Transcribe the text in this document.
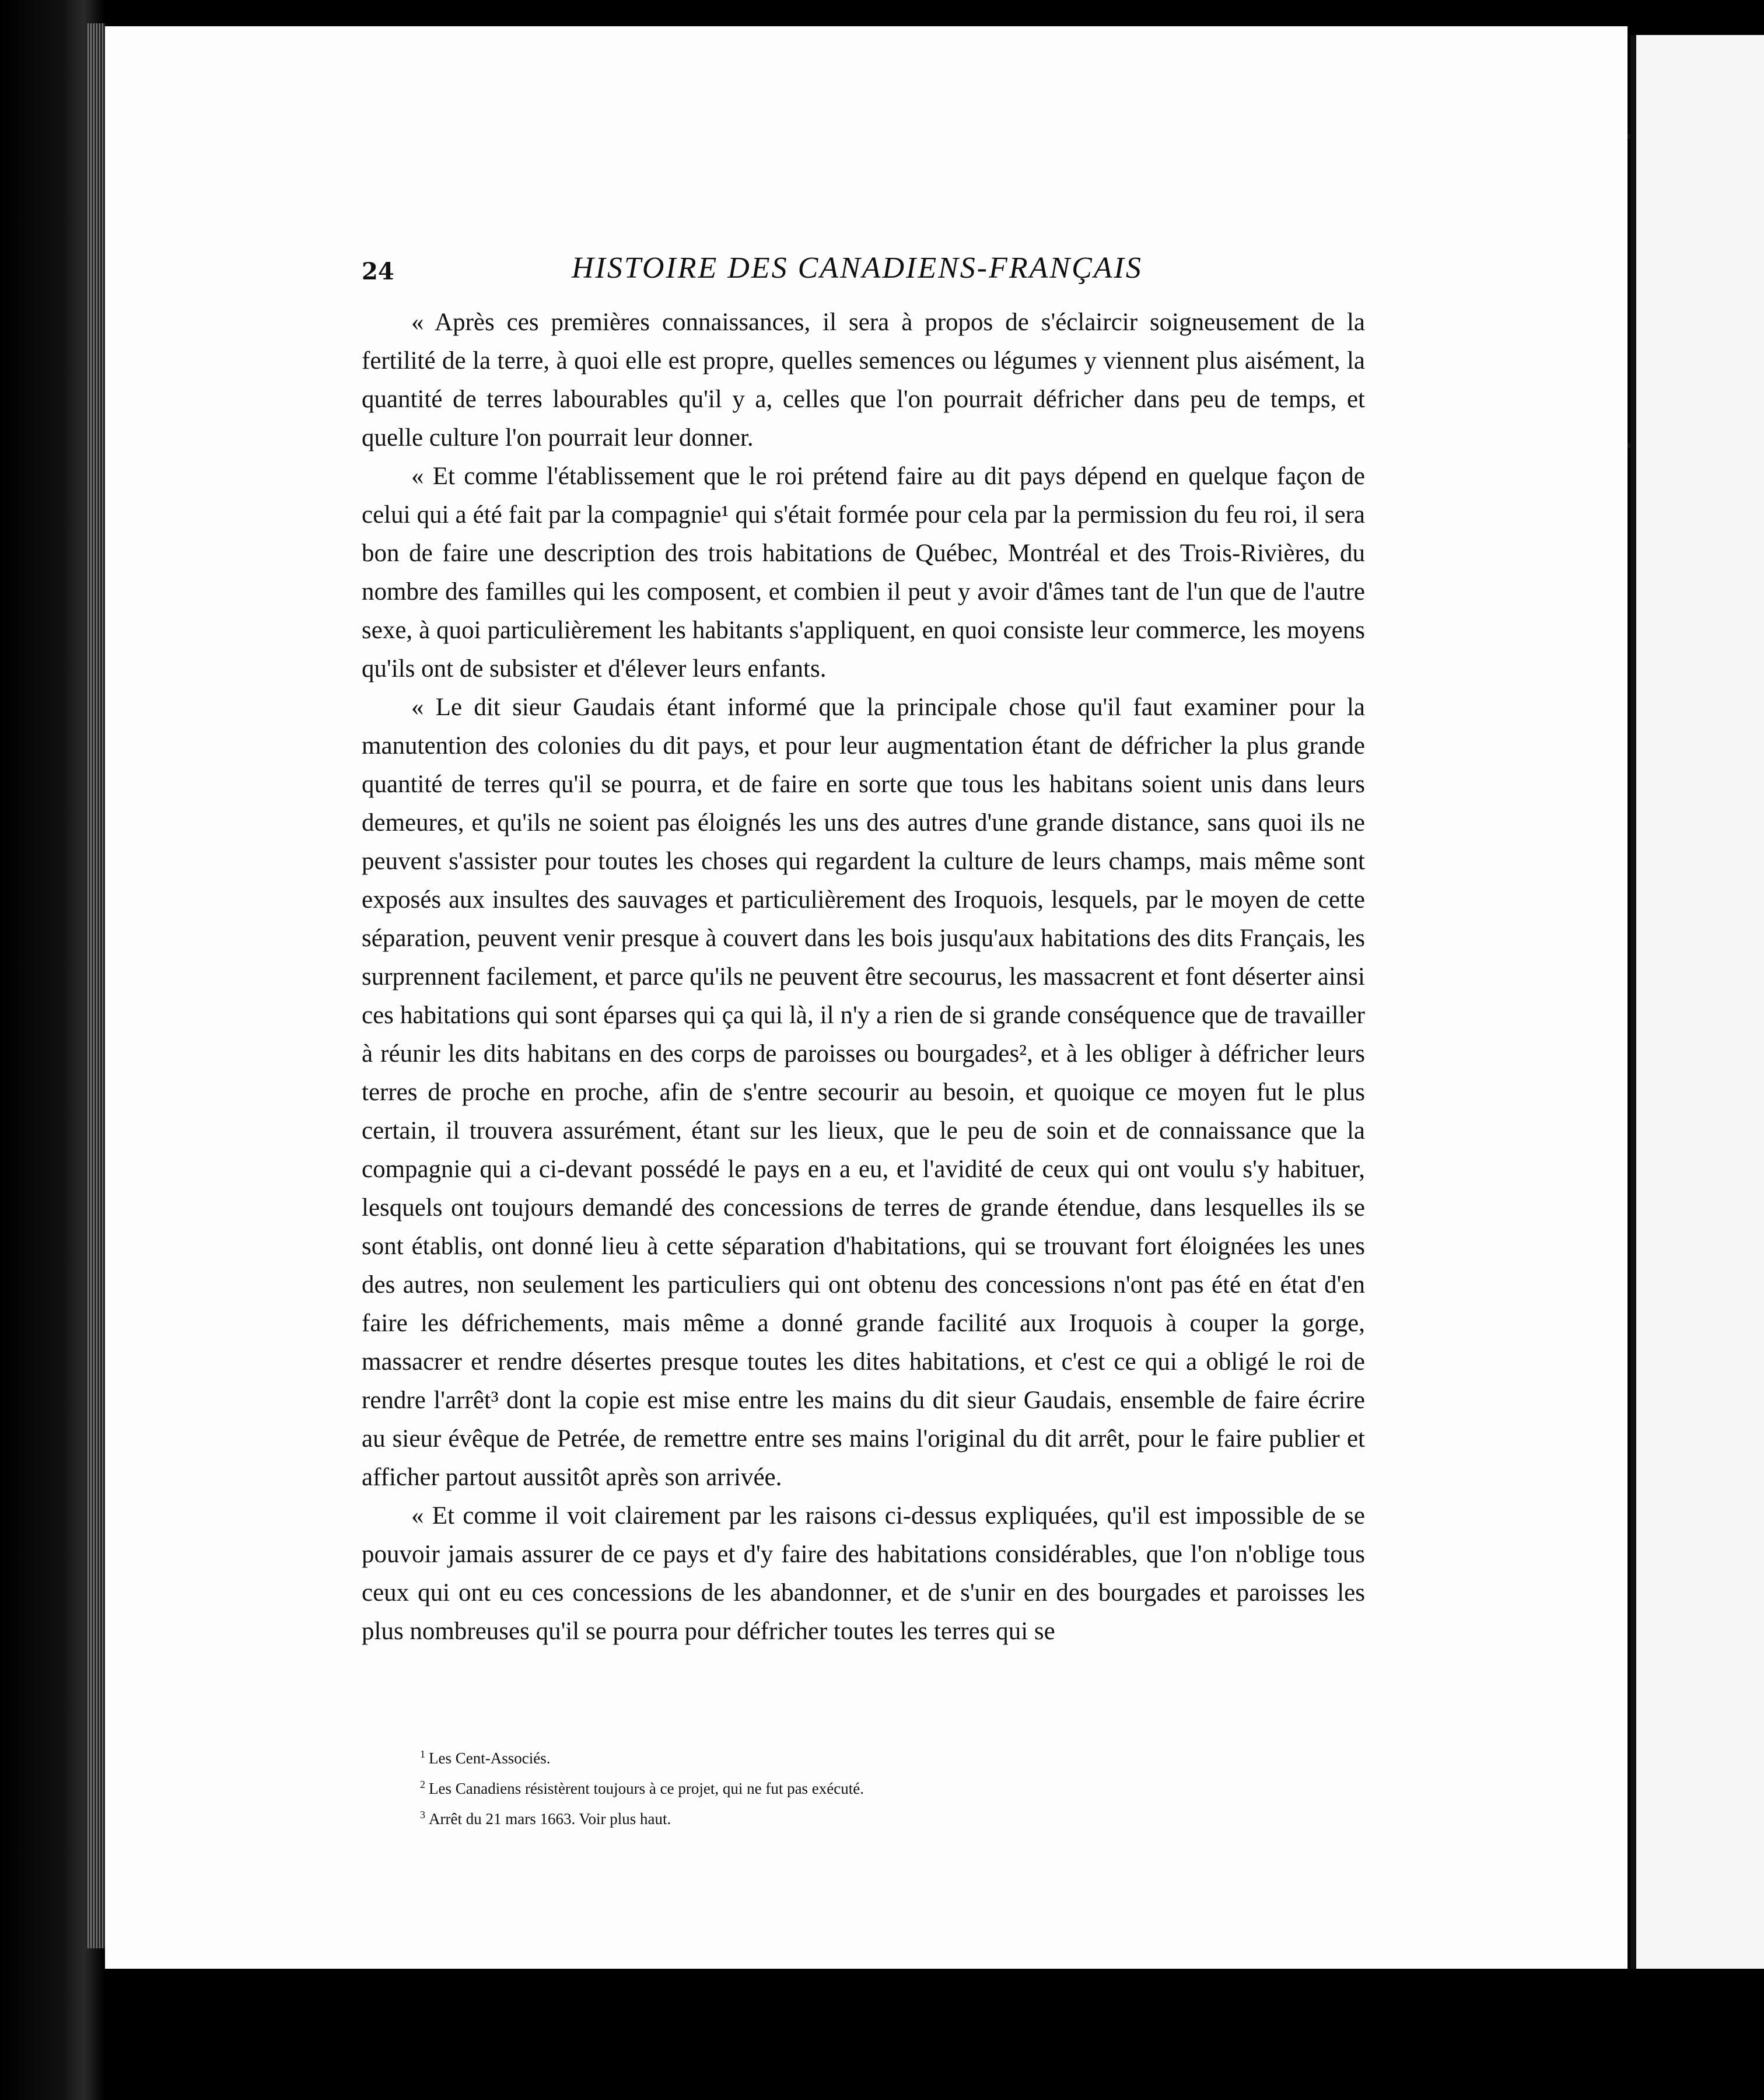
24	HISTOIRE DES CANADIENS-FRANÇAIS

« Après ces premières connaissances, il sera à propos de s'éclaircir soigneusement de la fertilité de la terre, à quoi elle est propre, quelles semences ou légumes y viennent plus aisément, la quantité de terres labourables qu'il y a, celles que l'on pourrait défricher dans peu de temps, et quelle culture l'on pourrait leur donner.

« Et comme l'établissement que le roi prétend faire au dit pays dépend en quelque façon de celui qui a été fait par la compagnie¹ qui s'était formée pour cela par la permission du feu roi, il sera bon de faire une description des trois habitations de Québec, Montréal et des Trois-Rivières, du nombre des familles qui les composent, et combien il peut y avoir d'âmes tant de l'un que de l'autre sexe, à quoi particulièrement les habitants s'appliquent, en quoi consiste leur commerce, les moyens qu'ils ont de subsister et d'élever leurs enfants.

« Le dit sieur Gaudais étant informé que la principale chose qu'il faut examiner pour la manutention des colonies du dit pays, et pour leur augmentation étant de défricher la plus grande quantité de terres qu'il se pourra, et de faire en sorte que tous les habitans soient unis dans leurs demeures, et qu'ils ne soient pas éloignés les uns des autres d'une grande distance, sans quoi ils ne peuvent s'assister pour toutes les choses qui regardent la culture de leurs champs, mais même sont exposés aux insultes des sauvages et particulièrement des Iroquois, lesquels, par le moyen de cette séparation, peuvent venir presque à couvert dans les bois jusqu'aux habitations des dits Français, les surprennent facilement, et parce qu'ils ne peuvent être secourus, les massacrent et font déserter ainsi ces habitations qui sont éparses qui ça qui là, il n'y a rien de si grande conséquence que de travailler à réunir les dits habitans en des corps de paroisses ou bourgades², et à les obliger à défricher leurs terres de proche en proche, afin de s'entre secourir au besoin, et quoique ce moyen fut le plus certain, il trouvera assurément, étant sur les lieux, que le peu de soin et de connaissance que la compagnie qui a ci-devant possédé le pays en a eu, et l'avidité de ceux qui ont voulu s'y habituer, lesquels ont toujours demandé des concessions de terres de grande étendue, dans lesquelles ils se sont établis, ont donné lieu à cette séparation d'habitations, qui se trouvant fort éloignées les unes des autres, non seulement les particuliers qui ont obtenu des concessions n'ont pas été en état d'en faire les défrichements, mais même a donné grande facilité aux Iroquois à couper la gorge, massacrer et rendre désertes presque toutes les dites habitations, et c'est ce qui a obligé le roi de rendre l'arrêt³ dont la copie est mise entre les mains du dit sieur Gaudais, ensemble de faire écrire au sieur évêque de Petrée, de remettre entre ses mains l'original du dit arrêt, pour le faire publier et afficher partout aussitôt après son arrivée.

« Et comme il voit clairement par les raisons ci-dessus expliquées, qu'il est impossible de se pouvoir jamais assurer de ce pays et d'y faire des habitations considérables, que l'on n'oblige tous ceux qui ont eu ces concessions de les abandonner, et de s'unir en des bourgades et paroisses les plus nombreuses qu'il se pourra pour défricher toutes les terres qui se

$^1$ Les Cent-Associés.
$^2$ Les Canadiens résistèrent toujours à ce projet, qui ne fut pas exécuté.
$^3$ Arrêt du 21 mars 1663. Voir plus haut.
